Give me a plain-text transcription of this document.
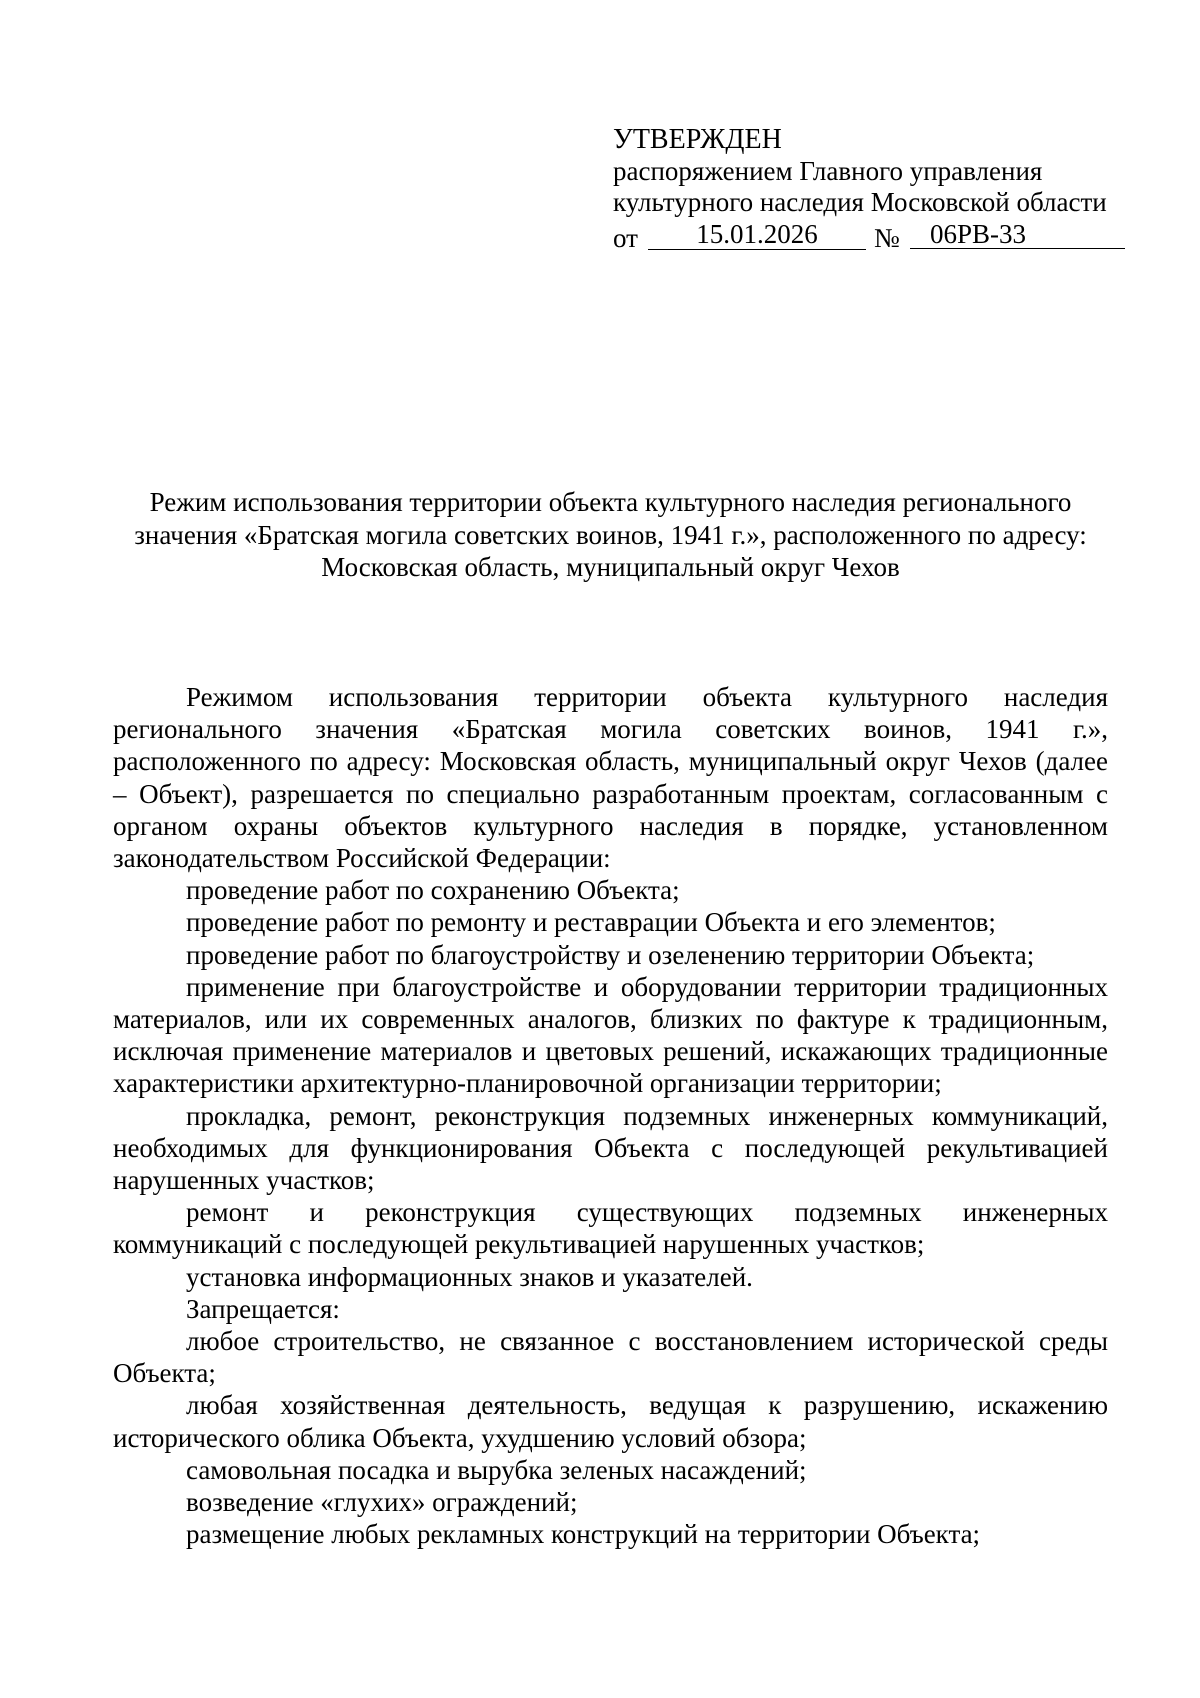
УТВЕРЖДЕН
распоряжением Главного управления
культурного наследия Московской области
от	15.01.2026	№	06РВ-33
Режим использования территории объекта культурного наследия регионального
значения «Братская могила советских воинов, 1941 г.», расположенного по адресу:
Московская область, муниципальный округ Чехов

Режимом использования территории объекта культурного наследия регионального значения «Братская могила советских воинов, 1941 г.», расположенного по адресу: Московская область, муниципальный округ Чехов (далее – Объект), разрешается по специально разработанным проектам, согласованным с органом охраны объектов культурного наследия в порядке, установленном законодательством Российской Федерации:

проведение работ по сохранению Объекта;

проведение работ по ремонту и реставрации Объекта и его элементов;

проведение работ по благоустройству и озеленению территории Объекта;

применение при благоустройстве и оборудовании территории традиционных материалов, или их современных аналогов, близких по фактуре к традиционным, исключая применение материалов и цветовых решений, искажающих традиционные характеристики архитектурно-планировочной организации территории;

прокладка, ремонт, реконструкция подземных инженерных коммуникаций, необходимых для функционирования Объекта с последующей рекультивацией нарушенных участков;

ремонт и реконструкция существующих подземных инженерных коммуникаций с последующей рекультивацией нарушенных участков;

установка информационных знаков и указателей.

Запрещается:

любое строительство, не связанное с восстановлением исторической среды Объекта;

любая хозяйственная деятельность, ведущая к разрушению, искажению исторического облика Объекта, ухудшению условий обзора;

самовольная посадка и вырубка зеленых насаждений;

возведение «глухих» ограждений;

размещение любых рекламных конструкций на территории Объекта;
